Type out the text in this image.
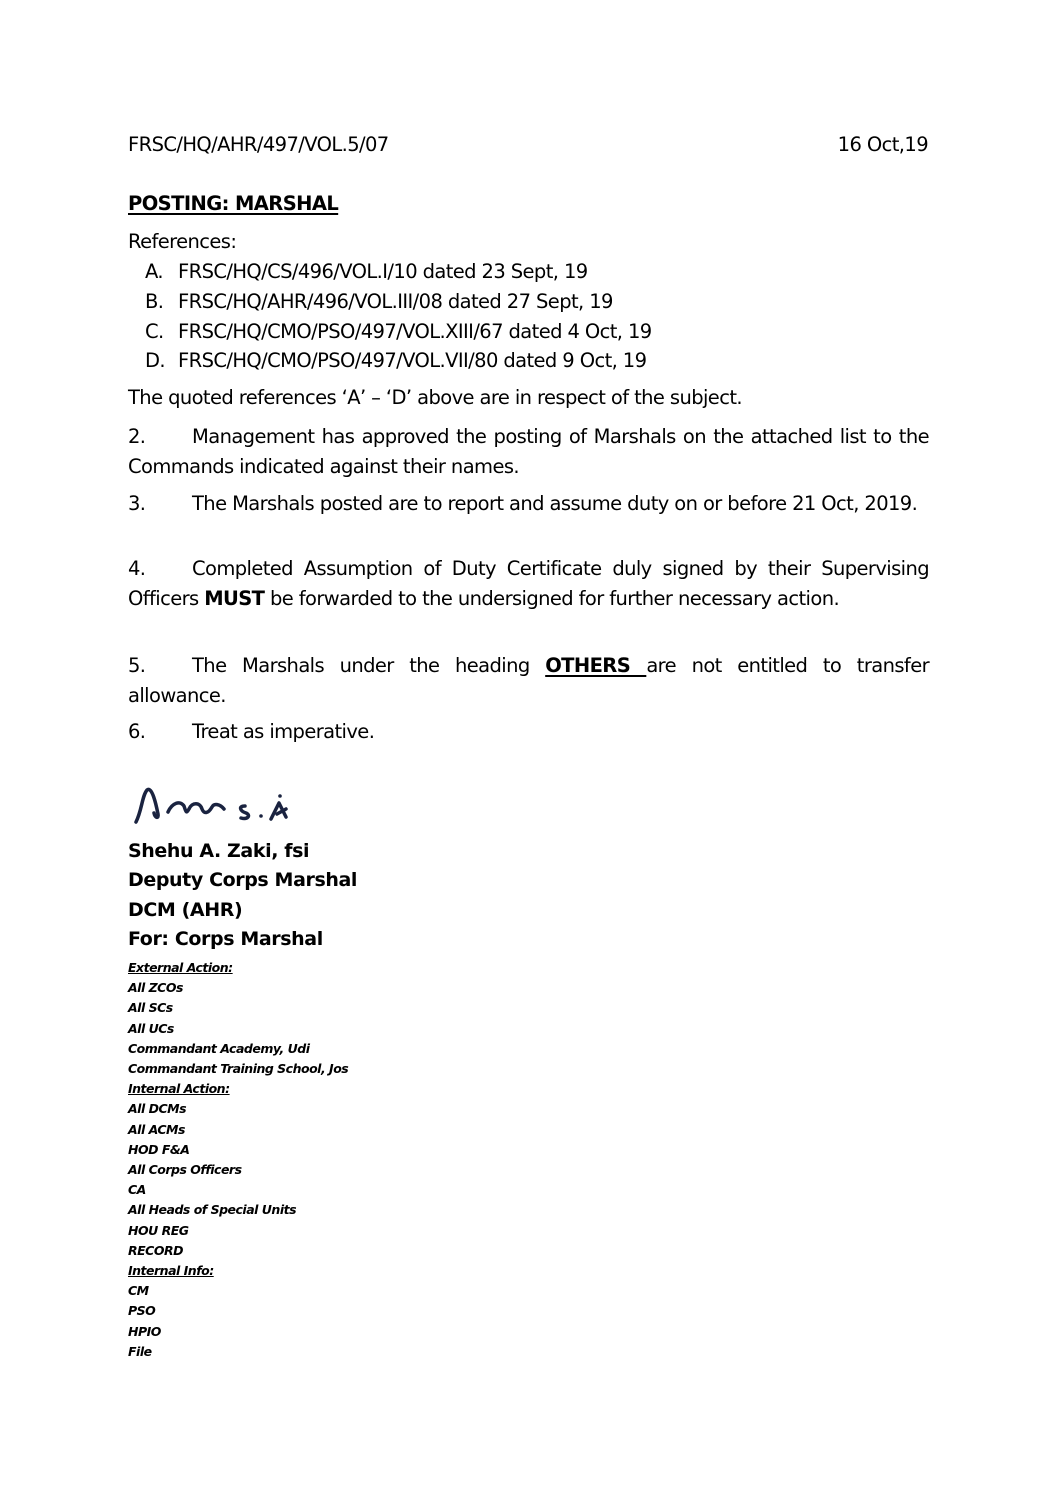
FRSC/HQ/AHR/497/VOL.5/07	16 Oct,19
POSTING: MARSHAL
References:
A. FRSC/HQ/CS/496/VOL.I/10 dated 23 Sept, 19
B. FRSC/HQ/AHR/496/VOL.III/08 dated 27 Sept, 19
C. FRSC/HQ/CMO/PSO/497/VOL.XIII/67 dated 4 Oct, 19
D. FRSC/HQ/CMO/PSO/497/VOL.VII/80 dated 9 Oct, 19
The quoted references ‘A’ – ‘D’ above are in respect of the subject.
2. Management has approved the posting of Marshals on the attached list to the Commands indicated against their names.
3. The Marshals posted are to report and assume duty on or before 21 Oct, 2019.
4. Completed Assumption of Duty Certificate duly signed by their Supervising Officers MUST be forwarded to the undersigned for further necessary action.
5. The Marshals under the heading OTHERS are not entitled to transfer allowance.
6. Treat as imperative.
Shehu A. Zaki, fsi
Deputy Corps Marshal
DCM (AHR)
For: Corps Marshal
External Action:
All ZCOs
All SCs
All UCs
Commandant Academy, Udi
Commandant Training School, Jos
Internal Action:
All DCMs
All ACMs
HOD F&A
All Corps Officers
CA
All Heads of Special Units
HOU REG
RECORD
Internal Info:
CM
PSO
HPIO
File
